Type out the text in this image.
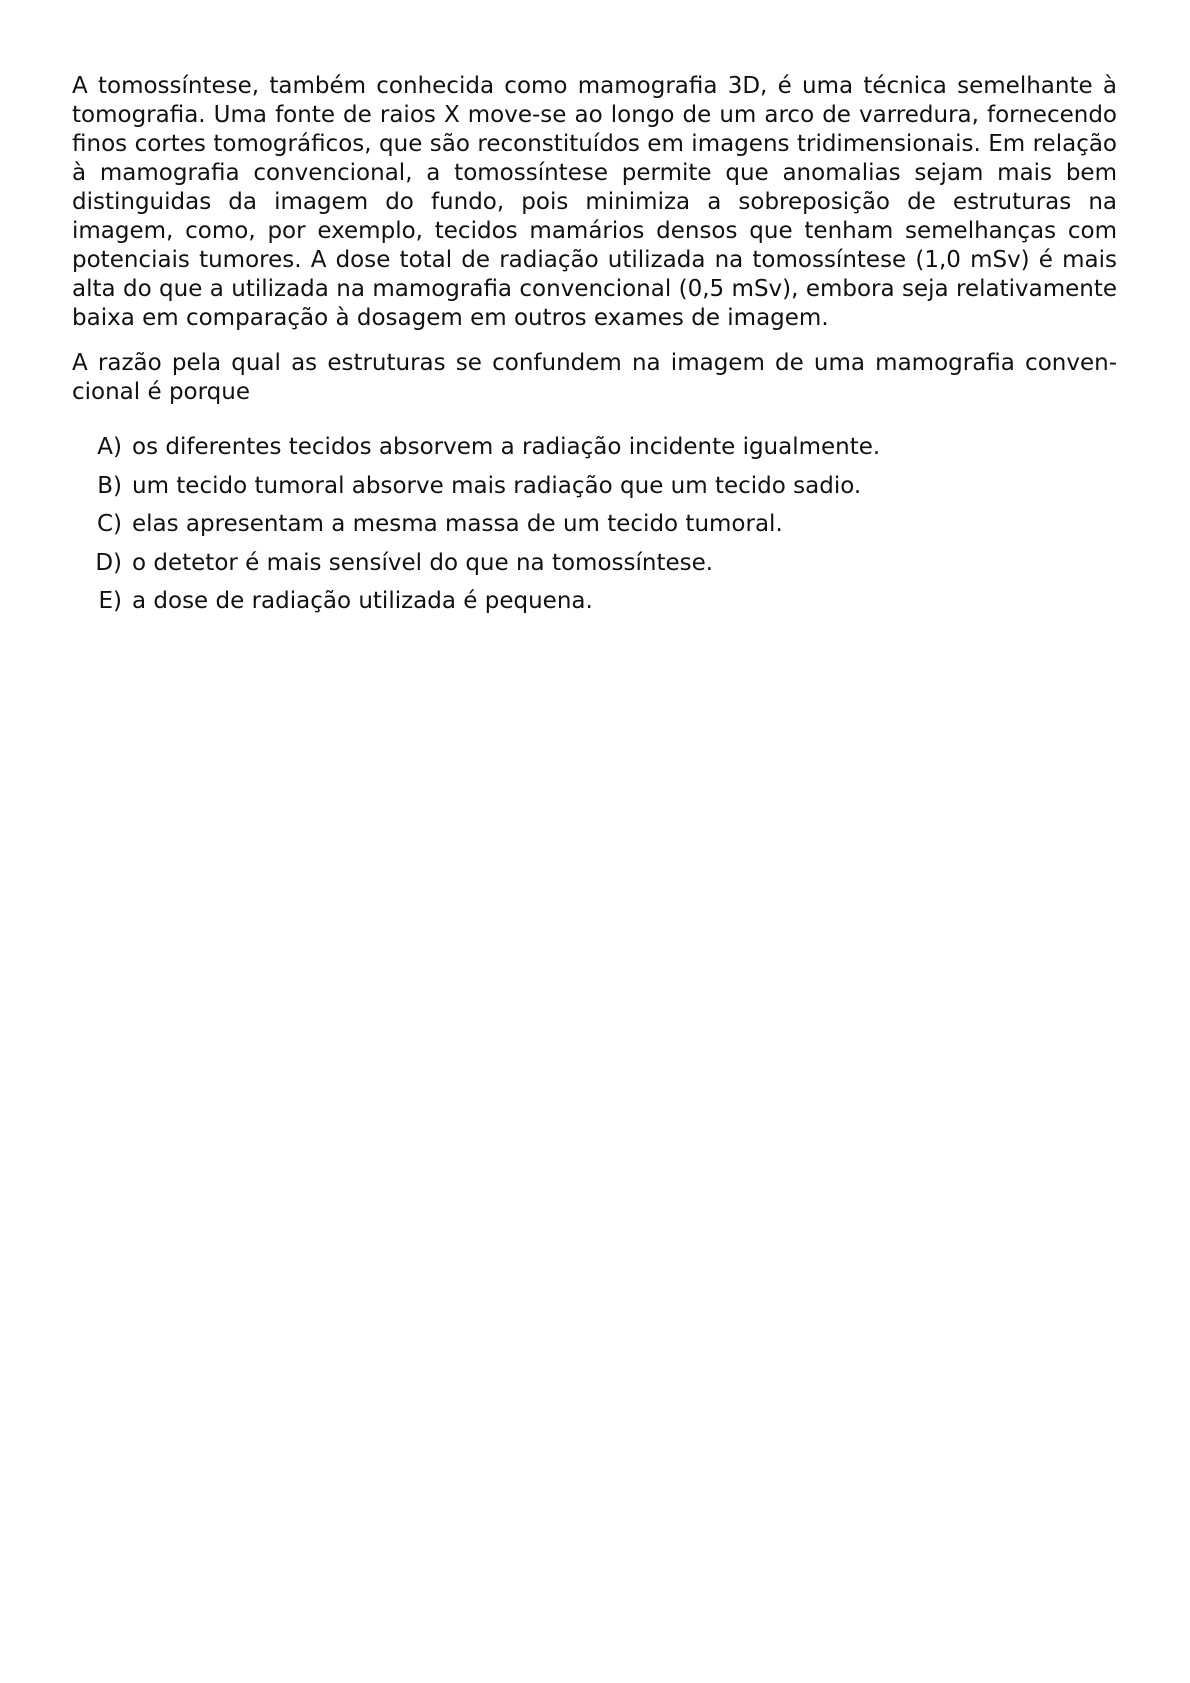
A tomossíntese, também conhecida como mamografia 3D, é uma técnica semelhante à tomografia. Uma fonte de raios X move-se ao longo de um arco de varredura, fornecendo finos cortes tomográficos, que são reconstituídos em imagens tridimensionais. Em relação à mamografia convencional, a tomossíntese permite que anomalias sejam mais bem distinguidas da imagem do fundo, pois minimiza a sobreposição de estruturas na imagem, como, por exemplo, tecidos mamários densos que tenham semelhanças com potenciais tumores. A dose total de radiação utilizada na tomossíntese (1,0 mSv) é mais alta do que a utilizada na mamografia convencional (0,5 mSv), embora seja relativamente baixa em comparação à dosagem em outros exames de imagem.

A razão pela qual as estruturas se confundem na imagem de uma mamografia convencional é porque

A) os diferentes tecidos absorvem a radiação incidente igualmente.
B) um tecido tumoral absorve mais radiação que um tecido sadio.
C) elas apresentam a mesma massa de um tecido tumoral.
D) o detetor é mais sensível do que na tomossíntese.
E) a dose de radiação utilizada é pequena.
